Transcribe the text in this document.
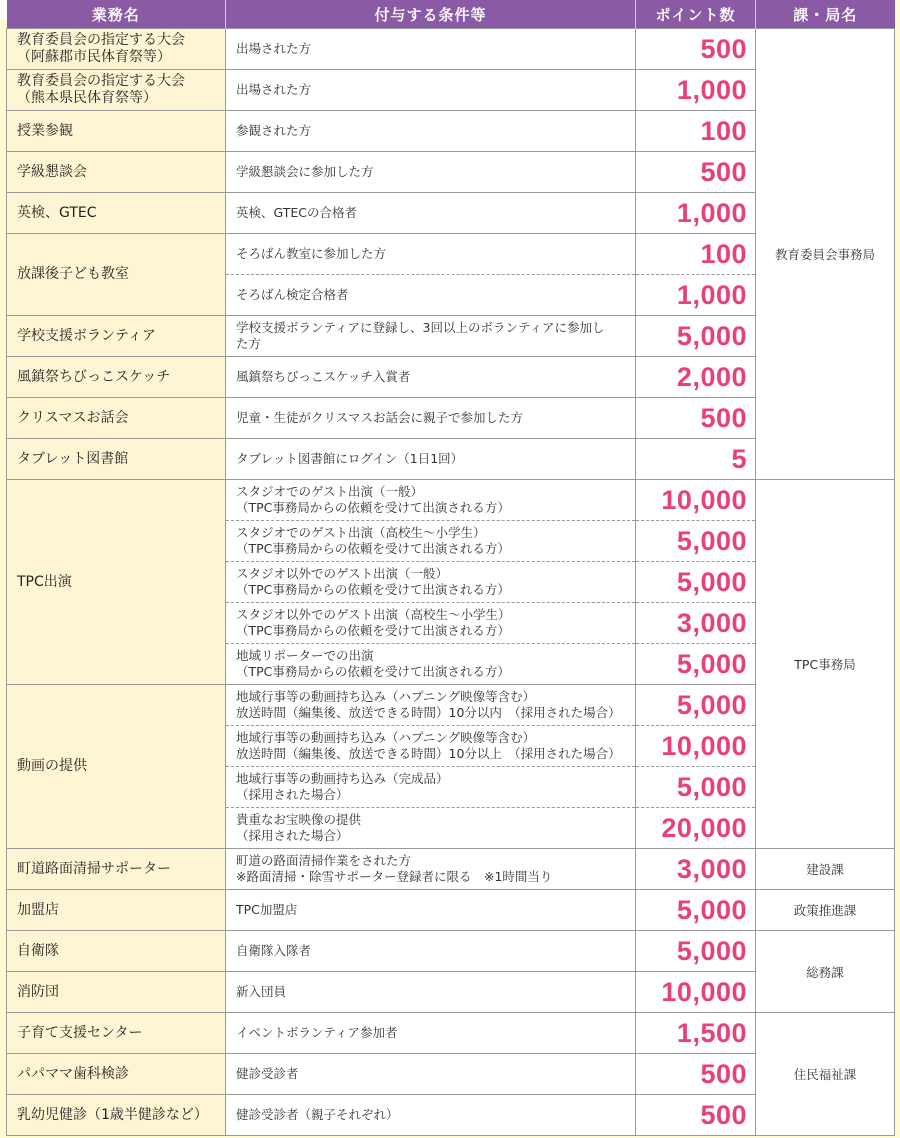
業務名	付与する条件等	ポイント数	課・局名

教育委員会の指定する大会
（阿蘇郡市民体育祭等）	出場された方	500	教育委員会事務局

教育委員会の指定する大会
（熊本県民体育祭等）	出場された方	1,000	

授業参観	参観された方	100	

学級懇談会	学級懇談会に参加した方	500	

英検、GTEC	英検、GTECの合格者	1,000	

放課後子ども教室	そろばん教室に参加した方	100	

	そろばん検定合格者	1,000	

学校支援ボランティア	学校支援ボランティアに登録し、3回以上のボランティアに参加し
た方	5,000	

風鎮祭ちびっこスケッチ	風鎮祭ちびっこスケッチ入賞者	2,000	

クリスマスお話会	児童・生徒がクリスマスお話会に親子で参加した方	500	

タブレット図書館	タブレット図書館にログイン（1日1回）	5	

TPC出演	スタジオでのゲスト出演（一般）
（TPC事務局からの依頼を受けて出演される方）	10,000	TPC事務局

	スタジオでのゲスト出演（高校生～小学生）
（TPC事務局からの依頼を受けて出演される方）	5,000	

	スタジオ以外でのゲスト出演（一般）
（TPC事務局からの依頼を受けて出演される方）	5,000	

	スタジオ以外でのゲスト出演（高校生～小学生）
（TPC事務局からの依頼を受けて出演される方）	3,000	

	地域リポーターでの出演
（TPC事務局からの依頼を受けて出演される方）	5,000	

動画の提供	地域行事等の動画持ち込み（ハプニング映像等含む）
放送時間（編集後、放送できる時間）10分以内　（採用された場合）	5,000	

	地域行事等の動画持ち込み（ハプニング映像等含む）
放送時間（編集後、放送できる時間）10分以上　（採用された場合）	10,000	

	地域行事等の動画持ち込み（完成品）
（採用された場合）	5,000	

	貴重なお宝映像の提供
（採用された場合）	20,000	

町道路面清掃サポーター	町道の路面清掃作業をされた方
※路面清掃・除雪サポーター登録者に限る　※1時間当り	3,000	建設課

加盟店	TPC加盟店	5,000	政策推進課

自衛隊	自衛隊入隊者	5,000	総務課

消防団	新入団員	10,000	

子育て支援センター	イベントボランティア参加者	1,500	住民福祉課

パパママ歯科検診	健診受診者	500	

乳幼児健診（1歳半健診など）	健診受診者（親子それぞれ）	500	
